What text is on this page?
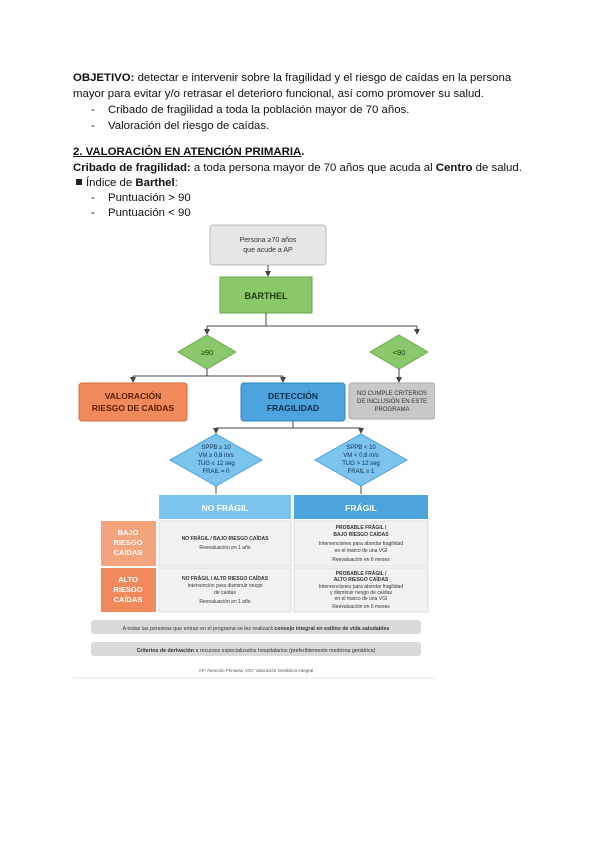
OBJETIVO: detectar e intervenir sobre la fragilidad y el riesgo de caídas en la persona
mayor para evitar y/o retrasar el deterioro funcional, así como promover su salud.
- Cribado de fragilidad a toda la población mayor de 70 años.
- Valoración del riesgo de caídas.
2. VALORACIÓN EN ATENCIÓN PRIMARIA.
Cribado de fragilidad: a toda persona mayor de 70 años que acuda al Centro de salud.
Índice de Barthel:
- Puntuación > 90
- Puntuación < 90
Persona ≥70 años
que acude a AP
BARTHEL
≥90	<90
VALORACIÓN
RIESGO DE CAÍDAS
DETECCIÓN
FRAGILIDAD
NO CUMPLE CRITERIOS
DE INCLUSIÓN EN ESTE
PROGRAMA
SPPB ≥ 10
VM ≥ 0,8 m/s
TUG ≤ 12 seg
FRAIL = 0
SPPB < 10
VM < 0,8 m/s
TUG > 12 seg
FRAIL ≥ 1
NO FRÁGIL	FRÁGIL
BAJO
RIESGO
CAÍDAS
ALTO
RIESGO
CAÍDAS
NO FRÁGIL / BAJO RIESGO CAÍDAS
Reevaluación en 1 año
PROBABLE FRÁGIL /
BAJO RIESGO CAÍDAS
Intervenciones para abordar fragilidad
en el marco de una VGI
Reevaluación en 6 meses
NO FRÁGIL / ALTO RIESGO CAÍDAS
Intervención para disminuir riesgo
de caídas
Reevaluación en 1 año
PROBABLE FRÁGIL /
ALTO RIESGO CAÍDAS
Intervenciones para abordar fragilidad
y disminuir riesgo de caídas
en el marco de una VGI
Reevaluación en 6 meses
A todas las personas que entran en el programa se les realizará consejo integral en estilos de vida saludables
Criterios de derivación a recursos especializados hospitalarios (preferiblemente medicina geriátrica)
AP: Atención Primaria; VGI: Valoración Geriátrica Integral
